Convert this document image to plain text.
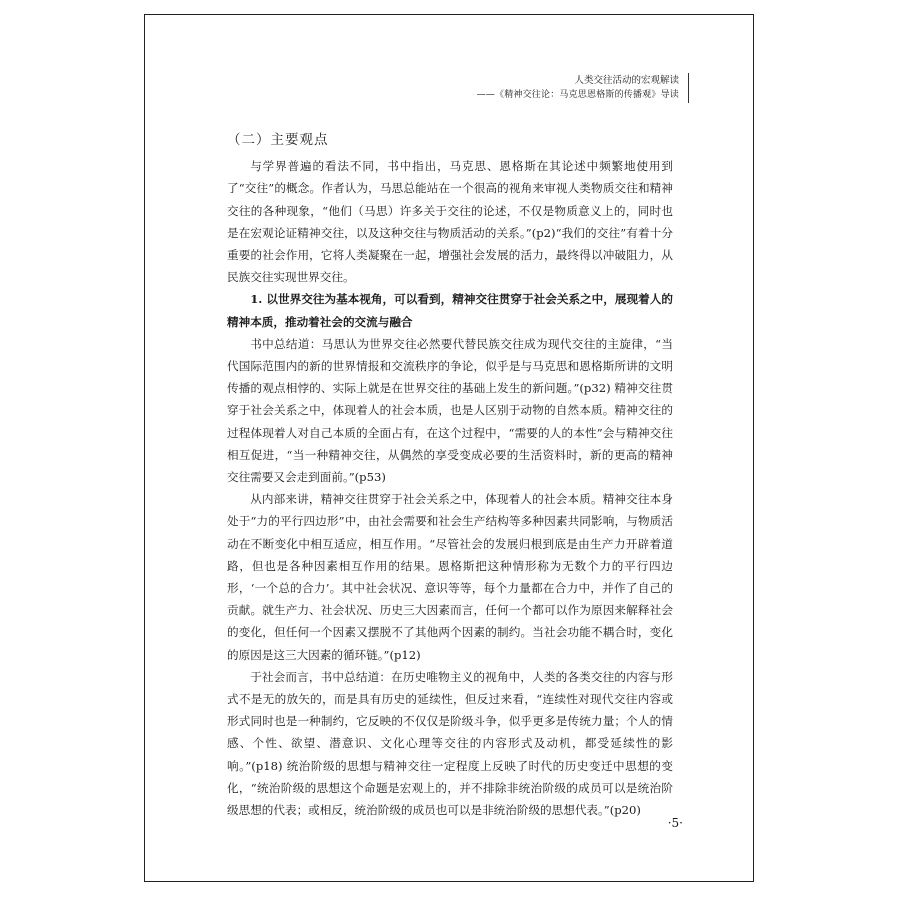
人类交往活动的宏观解读
——《精神交往论：马克思恩格斯的传播观》导读
（二）主要观点

与学界普遍的看法不同，书中指出，马克思、恩格斯在其论述中频繁地使用到了“交往”的概念。作者认为，马思总能站在一个很高的视角来审视人类物质交往和精神交往的各种现象，“他们（马思）许多关于交往的论述，不仅是物质意义上的，同时也是在宏观论证精神交往，以及这种交往与物质活动的关系。”(p2)“我们的交往”有着十分重要的社会作用，它将人类凝聚在一起，增强社会发展的活力，最终得以冲破阻力，从民族交往实现世界交往。

1. 以世界交往为基本视角，可以看到，精神交往贯穿于社会关系之中，展现着人的精神本质，推动着社会的交流与融合

书中总结道：马思认为世界交往必然要代替民族交往成为现代交往的主旋律，“当代国际范围内的新的世界情报和交流秩序的争论，似乎是与马克思和恩格斯所讲的文明传播的观点相悖的、实际上就是在世界交往的基础上发生的新问题。”(p32) 精神交往贯穿于社会关系之中，体现着人的社会本质，也是人区别于动物的自然本质。精神交往的过程体现着人对自己本质的全面占有，在这个过程中，“需要的人的本性”会与精神交往相互促进，“当一种精神交往，从偶然的享受变成必要的生活资料时，新的更高的精神交往需要又会走到面前。”(p53)

从内部来讲，精神交往贯穿于社会关系之中，体现着人的社会本质。精神交往本身处于“力的平行四边形”中，由社会需要和社会生产结构等多种因素共同影响，与物质活动在不断变化中相互适应，相互作用。“尽管社会的发展归根到底是由生产力开辟着道路，但也是各种因素相互作用的结果。恩格斯把这种情形称为无数个力的平行四边形，‘一个总的合力’。其中社会状况、意识等等，每个力量都在合力中，并作了自己的贡献。就生产力、社会状况、历史三大因素而言，任何一个都可以作为原因来解释社会的变化，但任何一个因素又摆脱不了其他两个因素的制约。当社会功能不耦合时，变化的原因是这三大因素的循环链。”(p12)

于社会而言，书中总结道：在历史唯物主义的视角中，人类的各类交往的内容与形式不是无的放矢的，而是具有历史的延续性，但反过来看，“连续性对现代交往内容或形式同时也是一种制约，它反映的不仅仅是阶级斗争，似乎更多是传统力量；个人的情感、个性、欲望、潜意识、文化心理等交往的内容形式及动机，都受延续性的影响。”(p18) 统治阶级的思想与精神交往一定程度上反映了时代的历史变迁中思想的变化，“统治阶级的思想这个命题是宏观上的，并不排除非统治阶级的成员可以是统治阶级思想的代表；或相反，统治阶级的成员也可以是非统治阶级的思想代表。”(p20)

·5·
